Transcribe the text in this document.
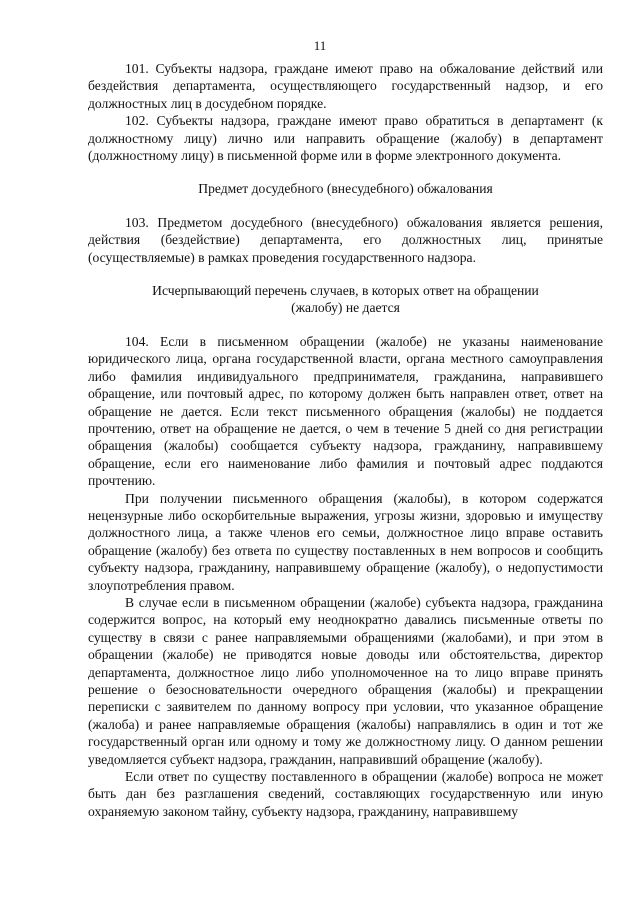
11

101. Субъекты надзора, граждане имеют право на обжалование действий или бездействия департамента, осуществляющего государственный надзор, и его должностных лиц в досудебном порядке.

102. Субъекты надзора, граждане имеют право обратиться в департамент (к должностному лицу) лично или направить обращение (жалобу) в департамент (должностному лицу) в письменной форме или в форме электронного документа.

Предмет досудебного (внесудебного) обжалования

103. Предметом досудебного (внесудебного) обжалования является решения, действия (бездействие) департамента, его должностных лиц, принятые (осуществляемые) в рамках проведения государственного надзора.

Исчерпывающий перечень случаев, в которых ответ на обращении

(жалобу) не дается

104. Если в письменном обращении (жалобе) не указаны наименование юридического лица, органа государственной власти, органа местного самоуправления либо фамилия индивидуального предпринимателя, гражданина, направившего обращение, или почтовый адрес, по которому должен быть направлен ответ, ответ на обращение не дается. Если текст письменного обращения (жалобы) не поддается прочтению, ответ на обращение не дается, о чем в течение 5 дней со дня регистрации обращения (жалобы) сообщается субъекту надзора, гражданину, направившему обращение, если его наименование либо фамилия и почтовый адрес поддаются прочтению.

При получении письменного обращения (жалобы), в котором содержатся нецензурные либо оскорбительные выражения, угрозы жизни, здоровью и имуществу должностного лица, а также членов его семьи, должностное лицо вправе оставить обращение (жалобу) без ответа по существу поставленных в нем вопросов и сообщить субъекту надзора, гражданину, направившему обращение (жалобу), о недопустимости злоупотребления правом.

В случае если в письменном обращении (жалобе) субъекта надзора, гражданина содержится вопрос, на который ему неоднократно давались письменные ответы по существу в связи с ранее направляемыми обращениями (жалобами), и при этом в обращении (жалобе) не приводятся новые доводы или обстоятельства, директор департамента, должностное лицо либо уполномоченное на то лицо вправе принять решение о безосновательности очередного обращения (жалобы) и прекращении переписки с заявителем по данному вопросу при условии, что указанное обращение (жалоба) и ранее направляемые обращения (жалобы) направлялись в один и тот же государственный орган или одному и тому же должностному лицу. О данном решении уведомляется субъект надзора, гражданин, направивший обращение (жалобу).

Если ответ по существу поставленного в обращении (жалобе) вопроса не может быть дан без разглашения сведений, составляющих государственную или иную охраняемую законом тайну, субъекту надзора, гражданину, направившему
